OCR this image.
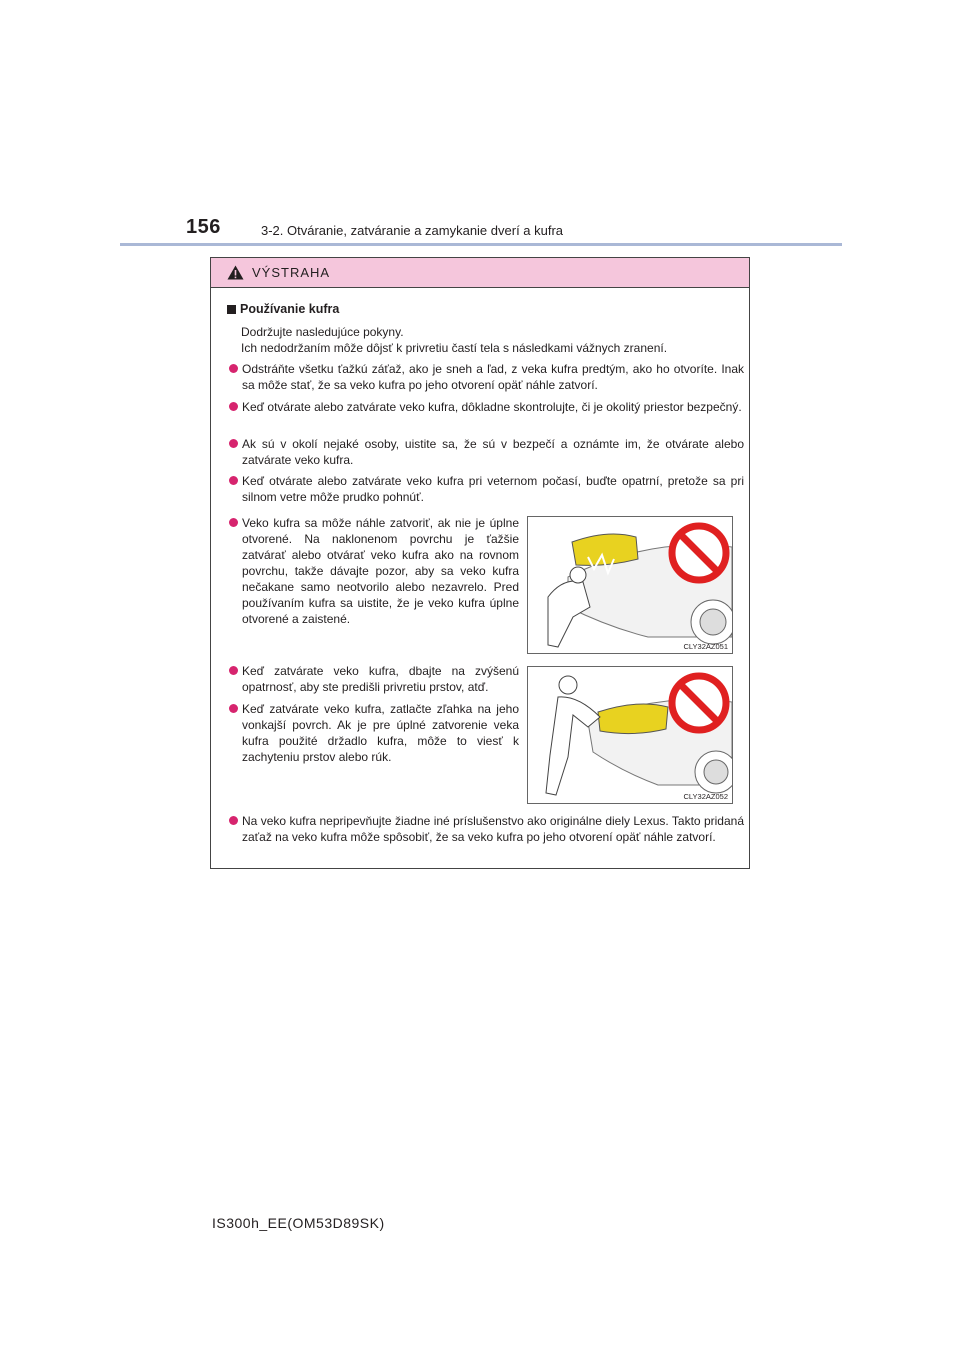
156	3-2. Otváranie, zatváranie a zamykanie dverí a kufra
VÝSTRAHA
Používanie kufra
Dodržujte nasledujúce pokyny.
Ich nedodržaním môže dôjsť k privretiu častí tela s následkami vážnych zranení.
Odstráňte všetku ťažkú záťaž, ako je sneh a ľad, z veka kufra predtým, ako ho otvoríte. Inak sa môže stať, že sa veko kufra po jeho otvorení opäť náhle zatvorí.
Keď otvárate alebo zatvárate veko kufra, dôkladne skontrolujte, či je okolitý priestor bezpečný.
Ak sú v okolí nejaké osoby, uistite sa, že sú v bezpečí a oznámte im, že otvárate alebo zatvárate veko kufra.
Keď otvárate alebo zatvárate veko kufra pri veternom počasí, buďte opatrní, pretože sa pri silnom vetre môže prudko pohnúť.
Veko kufra sa môže náhle zatvoriť, ak nie je úplne otvorené. Na naklonenom povrchu je ťažšie zatvárať alebo otvárať veko kufra ako na rovnom povrchu, takže dávajte pozor, aby sa veko kufra nečakane samo neotvorilo alebo nezavrelo. Pred používaním kufra sa uistite, že je veko kufra úplne otvorené a zaistené.
CLY32AZ051
Keď zatvárate veko kufra, dbajte na zvýšenú opatrnosť, aby ste predišli privretiu prstov, atď.
Keď zatvárate veko kufra, zatlačte zľahka na jeho vonkajší povrch. Ak je pre úplné zatvorenie veka kufra použité držadlo kufra, môže to viesť k zachyteniu prstov alebo rúk.
CLY32AZ052
Na veko kufra nepripevňujte žiadne iné príslušenstvo ako originálne diely Lexus. Takto pridaná zaťaž na veko kufra môže spôsobiť, že sa veko kufra po jeho otvorení opäť náhle zatvorí.
IS300h_EE(OM53D89SK)
